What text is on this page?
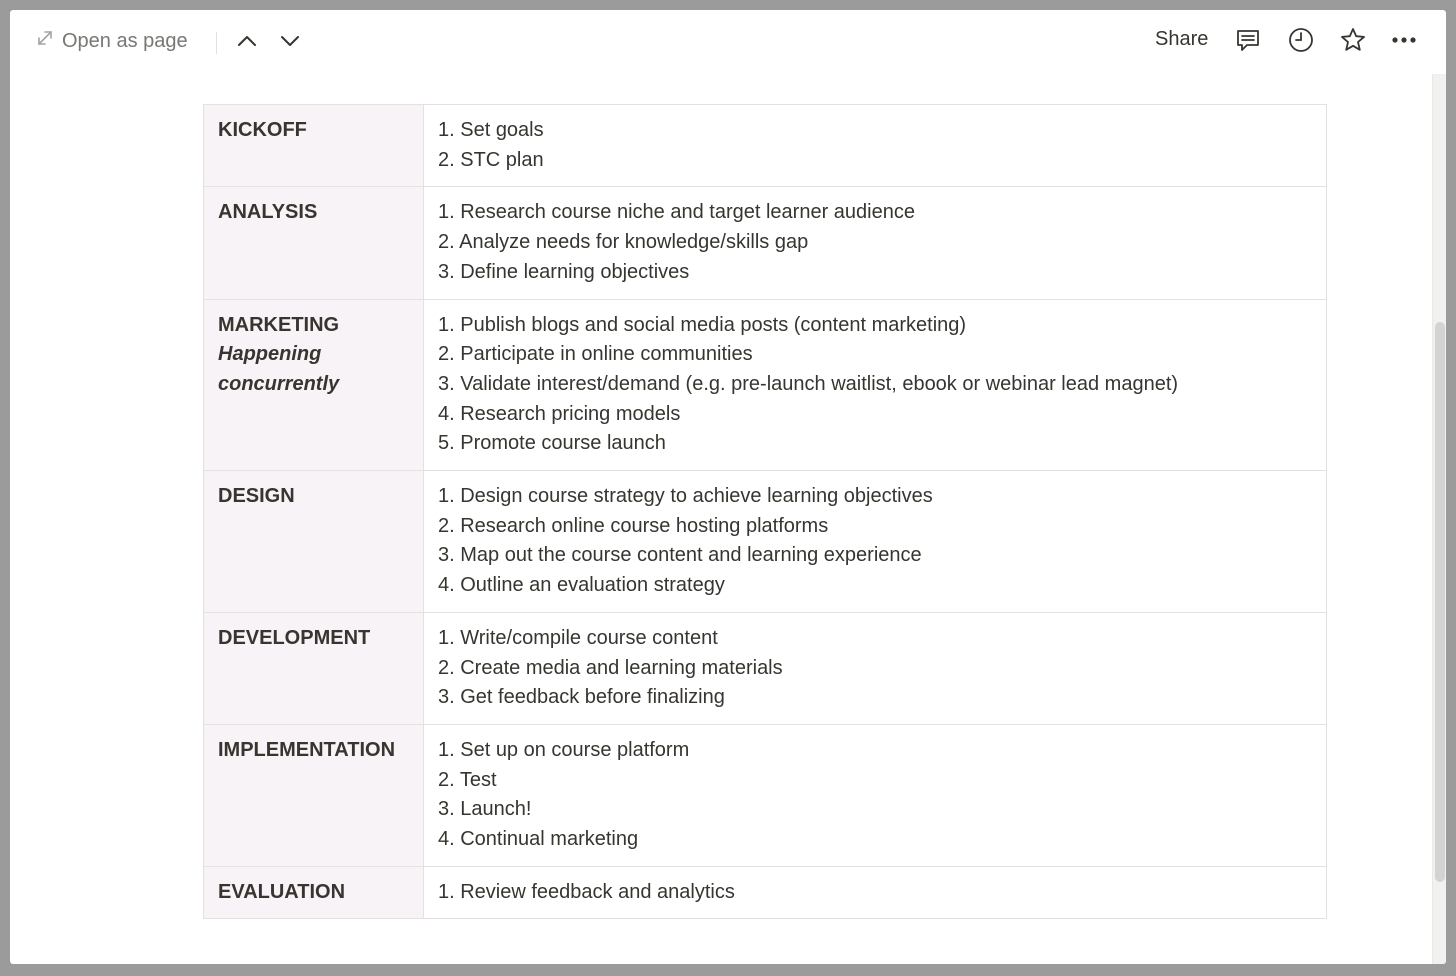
Open as page	Share
KICKOFF	1. Set goals
2. STC plan

ANALYSIS	1. Research course niche and target learner audience
2. Analyze needs for knowledge/skills gap
3. Define learning objectives

MARKETING
Happening concurrently	1. Publish blogs and social media posts (content marketing)
2. Participate in online communities
3. Validate interest/demand (e.g. pre-launch waitlist, ebook or webinar lead magnet)
4. Research pricing models
5. Promote course launch

DESIGN	1. Design course strategy to achieve learning objectives
2. Research online course hosting platforms
3. Map out the course content and learning experience
4. Outline an evaluation strategy

DEVELOPMENT	1. Write/compile course content
2. Create media and learning materials
3. Get feedback before finalizing

IMPLEMENTATION	1. Set up on course platform
2. Test
3. Launch!
4. Continual marketing

EVALUATION	1. Review feedback and analytics
